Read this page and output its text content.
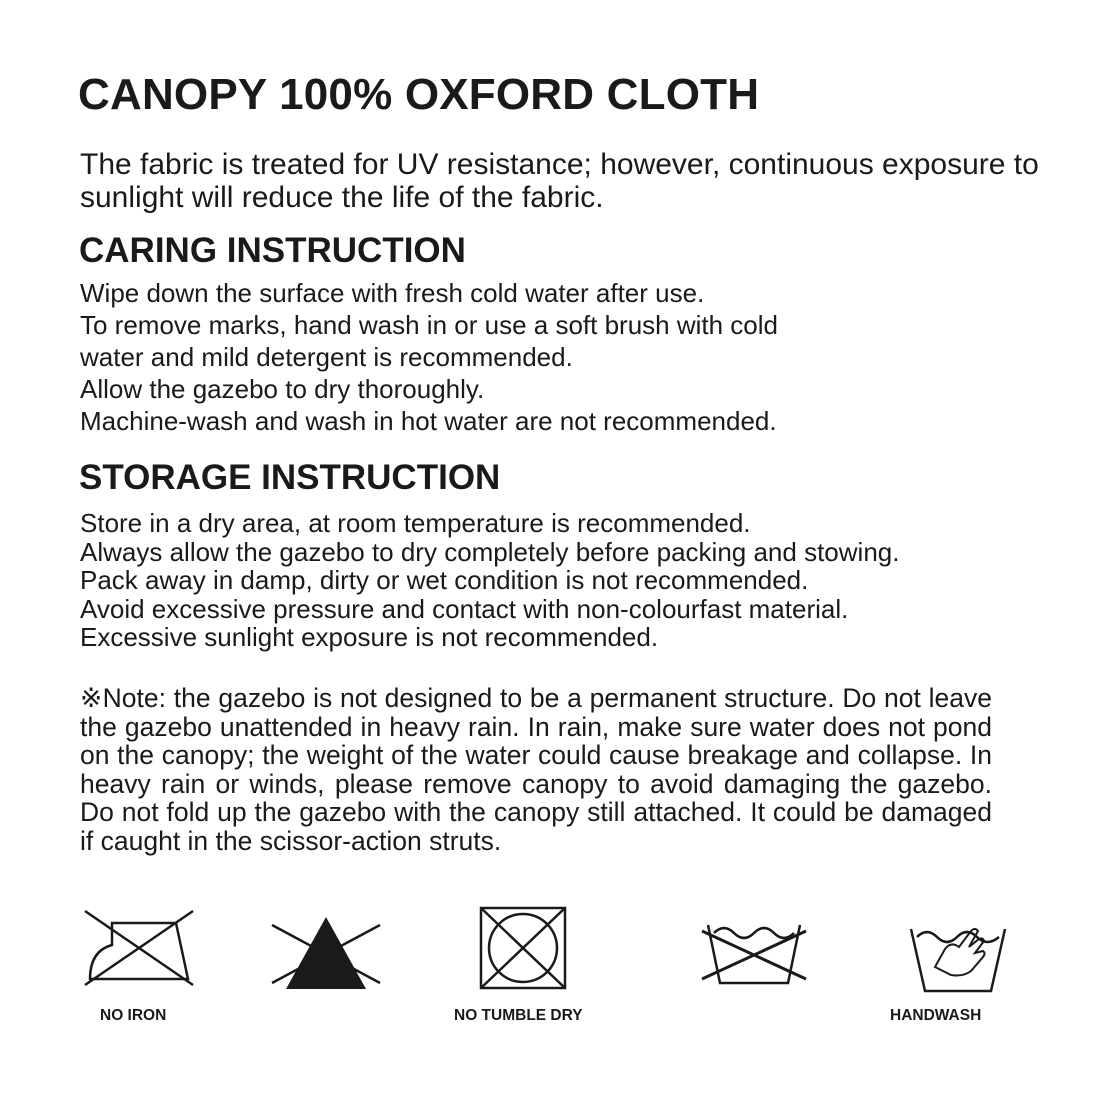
CANOPY 100% OXFORD CLOTH

The fabric is treated for UV resistance; however, continuous exposure to sunlight will reduce the life of the fabric.

CARING INSTRUCTION
Wipe down the surface with fresh cold water after use.
To remove marks, hand wash in or use a soft brush with cold
water and mild detergent is recommended.
Allow the gazebo to dry thoroughly.
Machine-wash and wash in hot water are not recommended.
STORAGE INSTRUCTION
Store in a dry area, at room temperature is recommended.
Always allow the gazebo to dry completely before packing and stowing.
Pack away in damp, dirty or wet condition is not recommended.
Avoid excessive pressure and contact with non-colourfast material.
Excessive sunlight exposure is not recommended.

※Note: the gazebo is not designed to be a permanent structure. Do not leave the gazebo unattended in heavy rain. In rain, make sure water does not pond on the canopy; the weight of the water could cause breakage and collapse. In heavy rain or winds, please remove canopy to avoid damaging the gazebo. Do not fold up the gazebo with the canopy still attached. It could be damaged if caught in the scissor-action struts.

NO IRON	NO TUMBLE DRY	HANDWASH
